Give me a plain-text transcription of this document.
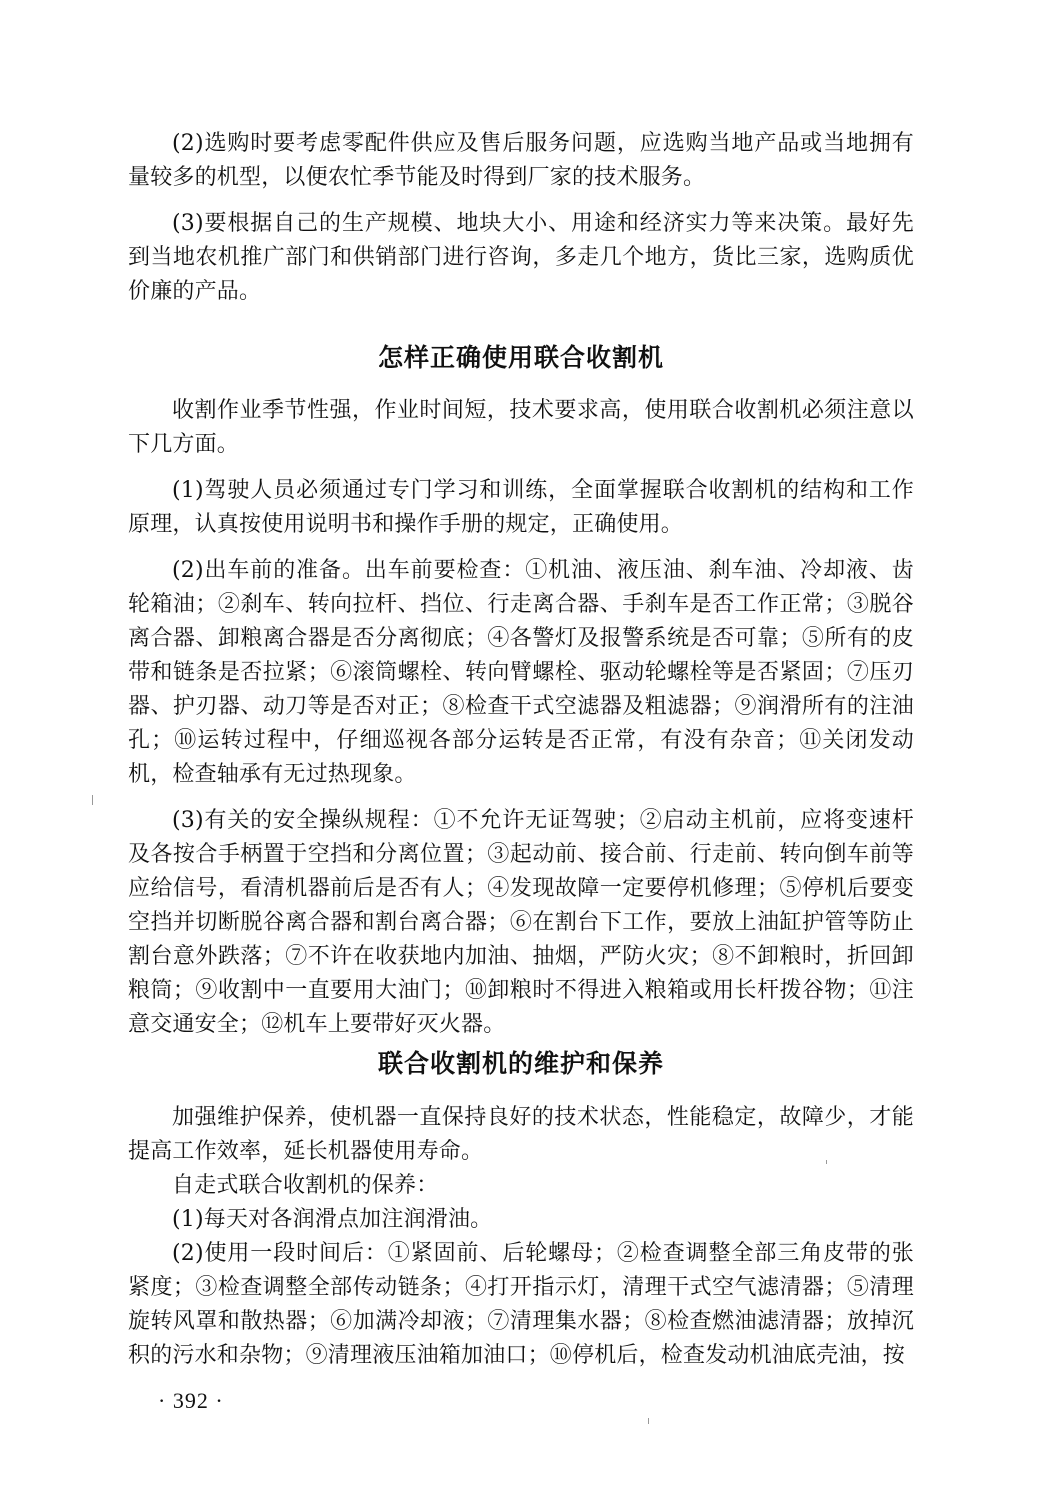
(2)选购时要考虑零配件供应及售后服务问题，应选购当地产品或当地拥有量较多的机型，以便农忙季节能及时得到厂家的技术服务。

(3)要根据自己的生产规模、地块大小、用途和经济实力等来决策。最好先到当地农机推广部门和供销部门进行咨询，多走几个地方，货比三家，选购质优价廉的产品。

怎样正确使用联合收割机

收割作业季节性强，作业时间短，技术要求高，使用联合收割机必须注意以下几方面。

(1)驾驶人员必须通过专门学习和训练，全面掌握联合收割机的结构和工作原理，认真按使用说明书和操作手册的规定，正确使用。

(2)出车前的准备。出车前要检查：①机油、液压油、刹车油、冷却液、齿轮箱油；②刹车、转向拉杆、挡位、行走离合器、手刹车是否工作正常；③脱谷离合器、卸粮离合器是否分离彻底；④各警灯及报警系统是否可靠；⑤所有的皮带和链条是否拉紧；⑥滚筒螺栓、转向臂螺栓、驱动轮螺栓等是否紧固；⑦压刃器、护刃器、动刀等是否对正；⑧检查干式空滤器及粗滤器；⑨润滑所有的注油孔；⑩运转过程中，仔细巡视各部分运转是否正常，有没有杂音；⑪关闭发动机，检查轴承有无过热现象。

(3)有关的安全操纵规程：①不允许无证驾驶；②启动主机前，应将变速杆及各按合手柄置于空挡和分离位置；③起动前、接合前、行走前、转向倒车前等应给信号，看清机器前后是否有人；④发现故障一定要停机修理；⑤停机后要变空挡并切断脱谷离合器和割台离合器；⑥在割台下工作，要放上油缸护管等防止割台意外跌落；⑦不许在收获地内加油、抽烟，严防火灾；⑧不卸粮时，折回卸粮筒；⑨收割中一直要用大油门；⑩卸粮时不得进入粮箱或用长杆拨谷物；⑪注意交通安全；⑫机车上要带好灭火器。

联合收割机的维护和保养

加强维护保养，使机器一直保持良好的技术状态，性能稳定，故障少，才能提高工作效率，延长机器使用寿命。

自走式联合收割机的保养：

(1)每天对各润滑点加注润滑油。

(2)使用一段时间后：①紧固前、后轮螺母；②检查调整全部三角皮带的张紧度；③检查调整全部传动链条；④打开指示灯，清理干式空气滤清器；⑤清理旋转风罩和散热器；⑥加满冷却液；⑦清理集水器；⑧检查燃油滤清器；放掉沉积的污水和杂物；⑨清理液压油箱加油口；⑩停机后，检查发动机油底壳油，按

· 392 ·
